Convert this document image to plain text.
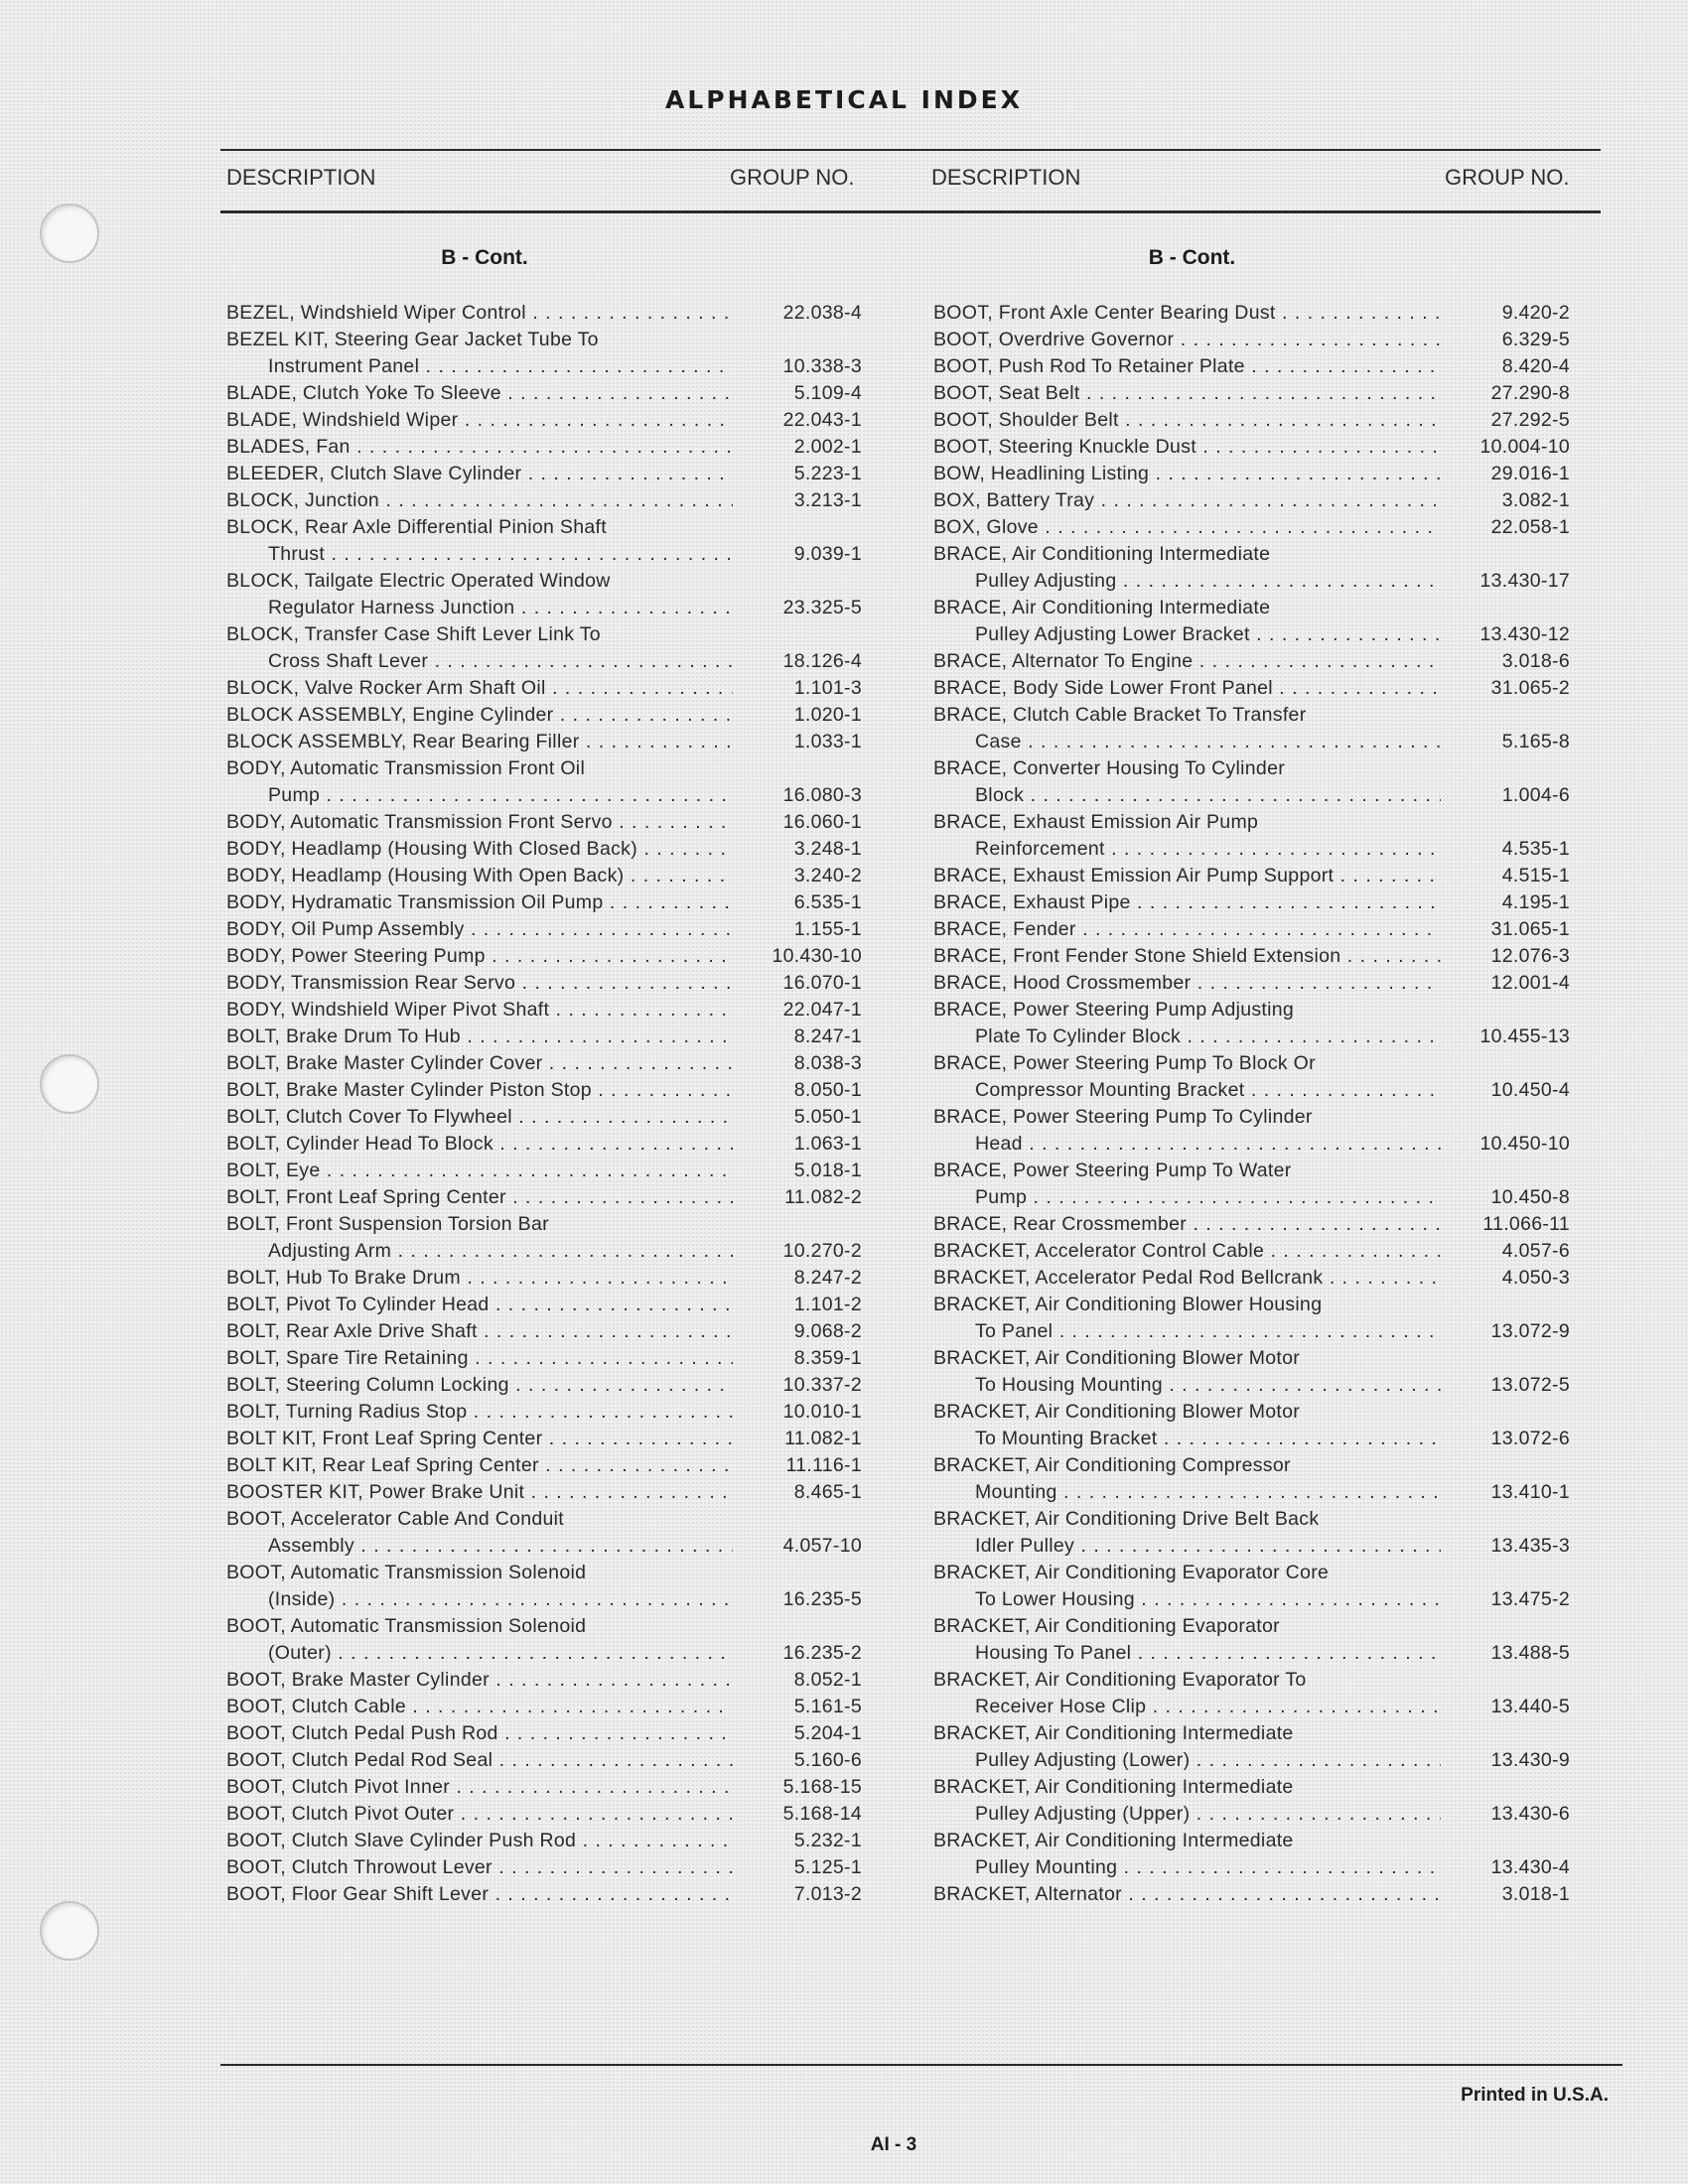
ALPHABETICAL INDEX
DESCRIPTION	GROUP NO.	DESCRIPTION	GROUP NO.
B - Cont.
BEZEL, Windshield Wiper Control . . .	22.038-4
BEZEL KIT, Steering Gear Jacket Tube To
Instrument Panel . . .	10.338-3
BLADE, Clutch Yoke To Sleeve . . .	5.109-4
BLADE, Windshield Wiper . . .	22.043-1
BLADES, Fan . . .	2.002-1
BLEEDER, Clutch Slave Cylinder . . .	5.223-1
BLOCK, Junction . . .	3.213-1
BLOCK, Rear Axle Differential Pinion Shaft
Thrust . . .	9.039-1
BLOCK, Tailgate Electric Operated Window
Regulator Harness Junction . . .	23.325-5
BLOCK, Transfer Case Shift Lever Link To
Cross Shaft Lever . . .	18.126-4
BLOCK, Valve Rocker Arm Shaft Oil . . .	1.101-3
BLOCK ASSEMBLY, Engine Cylinder . . .	1.020-1
BLOCK ASSEMBLY, Rear Bearing Filler . . .	1.033-1
BODY, Automatic Transmission Front Oil
Pump . . .	16.080-3
BODY, Automatic Transmission Front Servo . . .	16.060-1
BODY, Headlamp (Housing With Closed Back) . . .	3.248-1
BODY, Headlamp (Housing With Open Back) . . .	3.240-2
BODY, Hydramatic Transmission Oil Pump . . .	6.535-1
BODY, Oil Pump Assembly . . .	1.155-1
BODY, Power Steering Pump . . .	10.430-10
BODY, Transmission Rear Servo . . .	16.070-1
BODY, Windshield Wiper Pivot Shaft . . .	22.047-1
BOLT, Brake Drum To Hub . . .	8.247-1
BOLT, Brake Master Cylinder Cover . . .	8.038-3
BOLT, Brake Master Cylinder Piston Stop . . .	8.050-1
BOLT, Clutch Cover To Flywheel . . .	5.050-1
BOLT, Cylinder Head To Block . . .	1.063-1
BOLT, Eye . . .	5.018-1
BOLT, Front Leaf Spring Center . . .	11.082-2
BOLT, Front Suspension Torsion Bar
Adjusting Arm . . .	10.270-2
BOLT, Hub To Brake Drum . . .	8.247-2
BOLT, Pivot To Cylinder Head . . .	1.101-2
BOLT, Rear Axle Drive Shaft . . .	9.068-2
BOLT, Spare Tire Retaining . . .	8.359-1
BOLT, Steering Column Locking . . .	10.337-2
BOLT, Turning Radius Stop . . .	10.010-1
BOLT KIT, Front Leaf Spring Center . . .	11.082-1
BOLT KIT, Rear Leaf Spring Center . . .	11.116-1
BOOSTER KIT, Power Brake Unit . . .	8.465-1
BOOT, Accelerator Cable And Conduit
Assembly . . .	4.057-10
BOOT, Automatic Transmission Solenoid
(Inside) . . .	16.235-5
BOOT, Automatic Transmission Solenoid
(Outer) . . .	16.235-2
BOOT, Brake Master Cylinder . . .	8.052-1
BOOT, Clutch Cable . . .	5.161-5
BOOT, Clutch Pedal Push Rod . . .	5.204-1
BOOT, Clutch Pedal Rod Seal . . .	5.160-6
BOOT, Clutch Pivot Inner . . .	5.168-15
BOOT, Clutch Pivot Outer . . .	5.168-14
BOOT, Clutch Slave Cylinder Push Rod . . .	5.232-1
BOOT, Clutch Throwout Lever . . .	5.125-1
BOOT, Floor Gear Shift Lever . . .	7.013-2
B - Cont.
BOOT, Front Axle Center Bearing Dust . . .	9.420-2
BOOT, Overdrive Governor . . .	6.329-5
BOOT, Push Rod To Retainer Plate . . .	8.420-4
BOOT, Seat Belt . . .	27.290-8
BOOT, Shoulder Belt . . .	27.292-5
BOOT, Steering Knuckle Dust . . .	10.004-10
BOW, Headlining Listing . . .	29.016-1
BOX, Battery Tray . . .	3.082-1
BOX, Glove . . .	22.058-1
BRACE, Air Conditioning Intermediate
Pulley Adjusting . . .	13.430-17
BRACE, Air Conditioning Intermediate
Pulley Adjusting Lower Bracket . . .	13.430-12
BRACE, Alternator To Engine . . .	3.018-6
BRACE, Body Side Lower Front Panel . . .	31.065-2
BRACE, Clutch Cable Bracket To Transfer
Case . . .	5.165-8
BRACE, Converter Housing To Cylinder
Block . . .	1.004-6
BRACE, Exhaust Emission Air Pump
Reinforcement . . .	4.535-1
BRACE, Exhaust Emission Air Pump Support . . .	4.515-1
BRACE, Exhaust Pipe . . .	4.195-1
BRACE, Fender . . .	31.065-1
BRACE, Front Fender Stone Shield Extension . . .	12.076-3
BRACE, Hood Crossmember . . .	12.001-4
BRACE, Power Steering Pump Adjusting
Plate To Cylinder Block . . .	10.455-13
BRACE, Power Steering Pump To Block Or
Compressor Mounting Bracket . . .	10.450-4
BRACE, Power Steering Pump To Cylinder
Head . . .	10.450-10
BRACE, Power Steering Pump To Water
Pump . . .	10.450-8
BRACE, Rear Crossmember . . .	11.066-11
BRACKET, Accelerator Control Cable . . .	4.057-6
BRACKET, Accelerator Pedal Rod Bellcrank . . .	4.050-3
BRACKET, Air Conditioning Blower Housing
To Panel . . .	13.072-9
BRACKET, Air Conditioning Blower Motor
To Housing Mounting . . .	13.072-5
BRACKET, Air Conditioning Blower Motor
To Mounting Bracket . . .	13.072-6
BRACKET, Air Conditioning Compressor
Mounting . . .	13.410-1
BRACKET, Air Conditioning Drive Belt Back
Idler Pulley . . .	13.435-3
BRACKET, Air Conditioning Evaporator Core
To Lower Housing . . .	13.475-2
BRACKET, Air Conditioning Evaporator
Housing To Panel . . .	13.488-5
BRACKET, Air Conditioning Evaporator To
Receiver Hose Clip . . .	13.440-5
BRACKET, Air Conditioning Intermediate
Pulley Adjusting (Lower) . . .	13.430-9
BRACKET, Air Conditioning Intermediate
Pulley Adjusting (Upper) . . .	13.430-6
BRACKET, Air Conditioning Intermediate
Pulley Mounting . . .	13.430-4
BRACKET, Alternator . . .	3.018-1
Printed in U.S.A.
AI - 3
